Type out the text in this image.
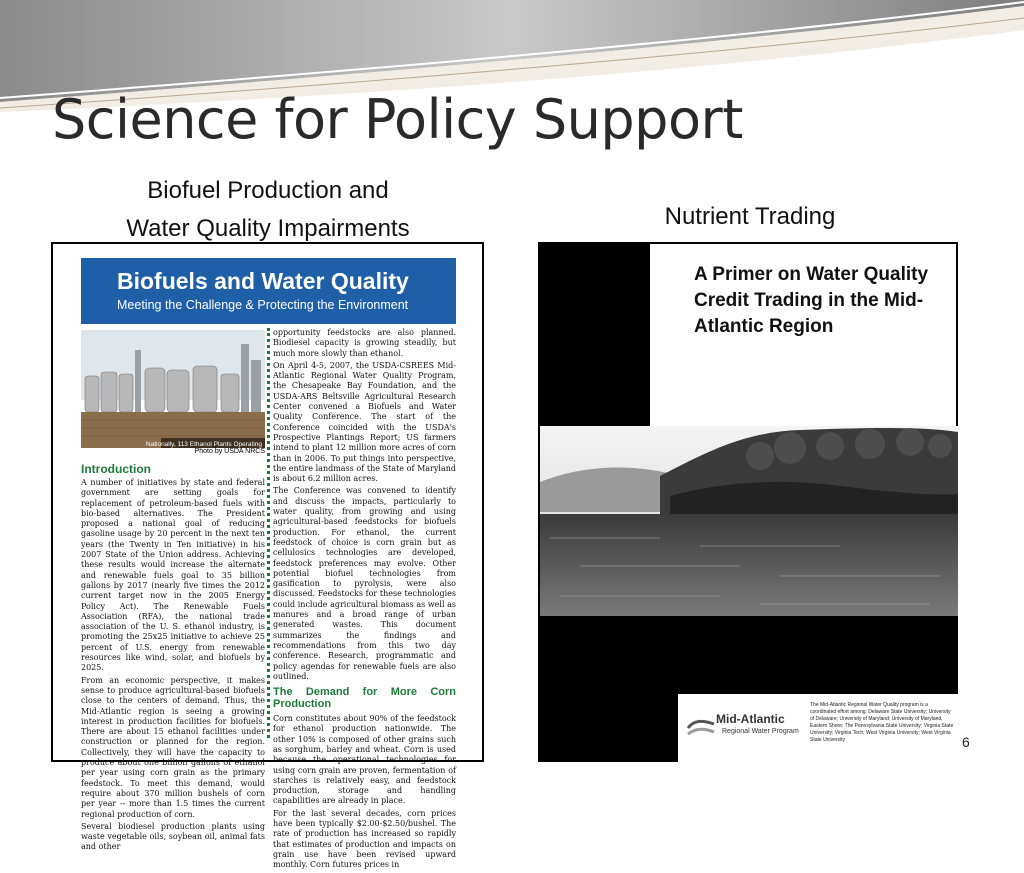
Science for Policy Support
Biofuel Production and
Water Quality Impairments	Nutrient Trading
Biofuels and Water Quality
Meeting the Challenge & Protecting the Environment
Nationally, 113 Ethanol Plants Operating
Photo by USDA NRCS
Introduction

A number of initiatives by state and federal government are setting goals for replacement of petroleum-based fuels with bio-based alternatives. The President proposed a national goal of reducing gasoline usage by 20 percent in the next ten years (the Twenty in Ten initiative) in his 2007 State of the Union address. Achieving these results would increase the alternate and renewable fuels goal to 35 billion gallons by 2017 (nearly five times the 2012 current target now in the 2005 Energy Policy Act). The Renewable Fuels Association (RFA), the national trade association of the U. S. ethanol industry, is promoting the 25x25 initiative to achieve 25 percent of U.S. energy from renewable resources like wind, solar, and biofuels by 2025.

From an economic perspective, it makes sense to produce agricultural-based biofuels close to the centers of demand. Thus, the Mid-Atlantic region is seeing a growing interest in production facilities for biofuels. There are about 15 ethanol facilities under construction or planned for the region. Collectively, they will have the capacity to produce about one billion gallons of ethanol per year using corn grain as the primary feedstock. To meet this demand, would require about 370 million bushels of corn per year -- more than 1.5 times the current regional production of corn.

Several biodiesel production plants using waste vegetable oils, soybean oil, animal fats and other

opportunity feedstocks are also planned. Biodiesel capacity is growing steadily, but much more slowly than ethanol.

On April 4-5, 2007, the USDA-CSREES Mid-Atlantic Regional Water Quality Program, the Chesapeake Bay Foundation, and the USDA-ARS Beltsville Agricultural Research Center convened a Biofuels and Water Quality Conference. The start of the Conference coincided with the USDA's Prospective Plantings Report; US farmers intend to plant 12 million more acres of corn than in 2006. To put things into perspective, the entire landmass of the State of Maryland is about 6.2 million acres.

The Conference was convened to identify and discuss the impacts, particularly to water quality, from growing and using agricultural-based feedstocks for biofuels production. For ethanol, the current feedstock of choice is corn grain but as cellulosics technologies are developed, feedstock preferences may evolve. Other potential biofuel technologies from gasification to pyrolysis, were also discussed. Feedstocks for these technologies could include agricultural biomass as well as manures and a broad range of urban generated wastes. This document summarizes the findings and recommendations from this two day conference. Research, programmatic and policy agendas for renewable fuels are also outlined.

The Demand for More Corn Production

Corn constitutes about 90% of the feedstock for ethanol production nationwide. The other 10% is composed of other grains such as sorghum, barley and wheat. Corn is used because the operational technologies for using corn grain are proven, fermentation of starches is relatively easy, and feedstock production, storage and handling capabilities are already in place.

For the last several decades, corn prices have been typically $2.00-$2.50/bushel. The rate of production has increased so rapidly that estimates of production and impacts on grain use have been revised upward monthly. Corn futures prices in

A Primer on Water Quality Credit Trading in the Mid-Atlantic Region
Mid-Atlantic
Regional Water Program
The Mid-Atlantic Regional Water Quality program is a coordinated effort among: Delaware State University; University of Delaware; University of Maryland; University of Maryland, Eastern Shore; The Pennsylvania State University; Virginia State University; Virginia Tech; West Virginia University; West Virginia State University	6
